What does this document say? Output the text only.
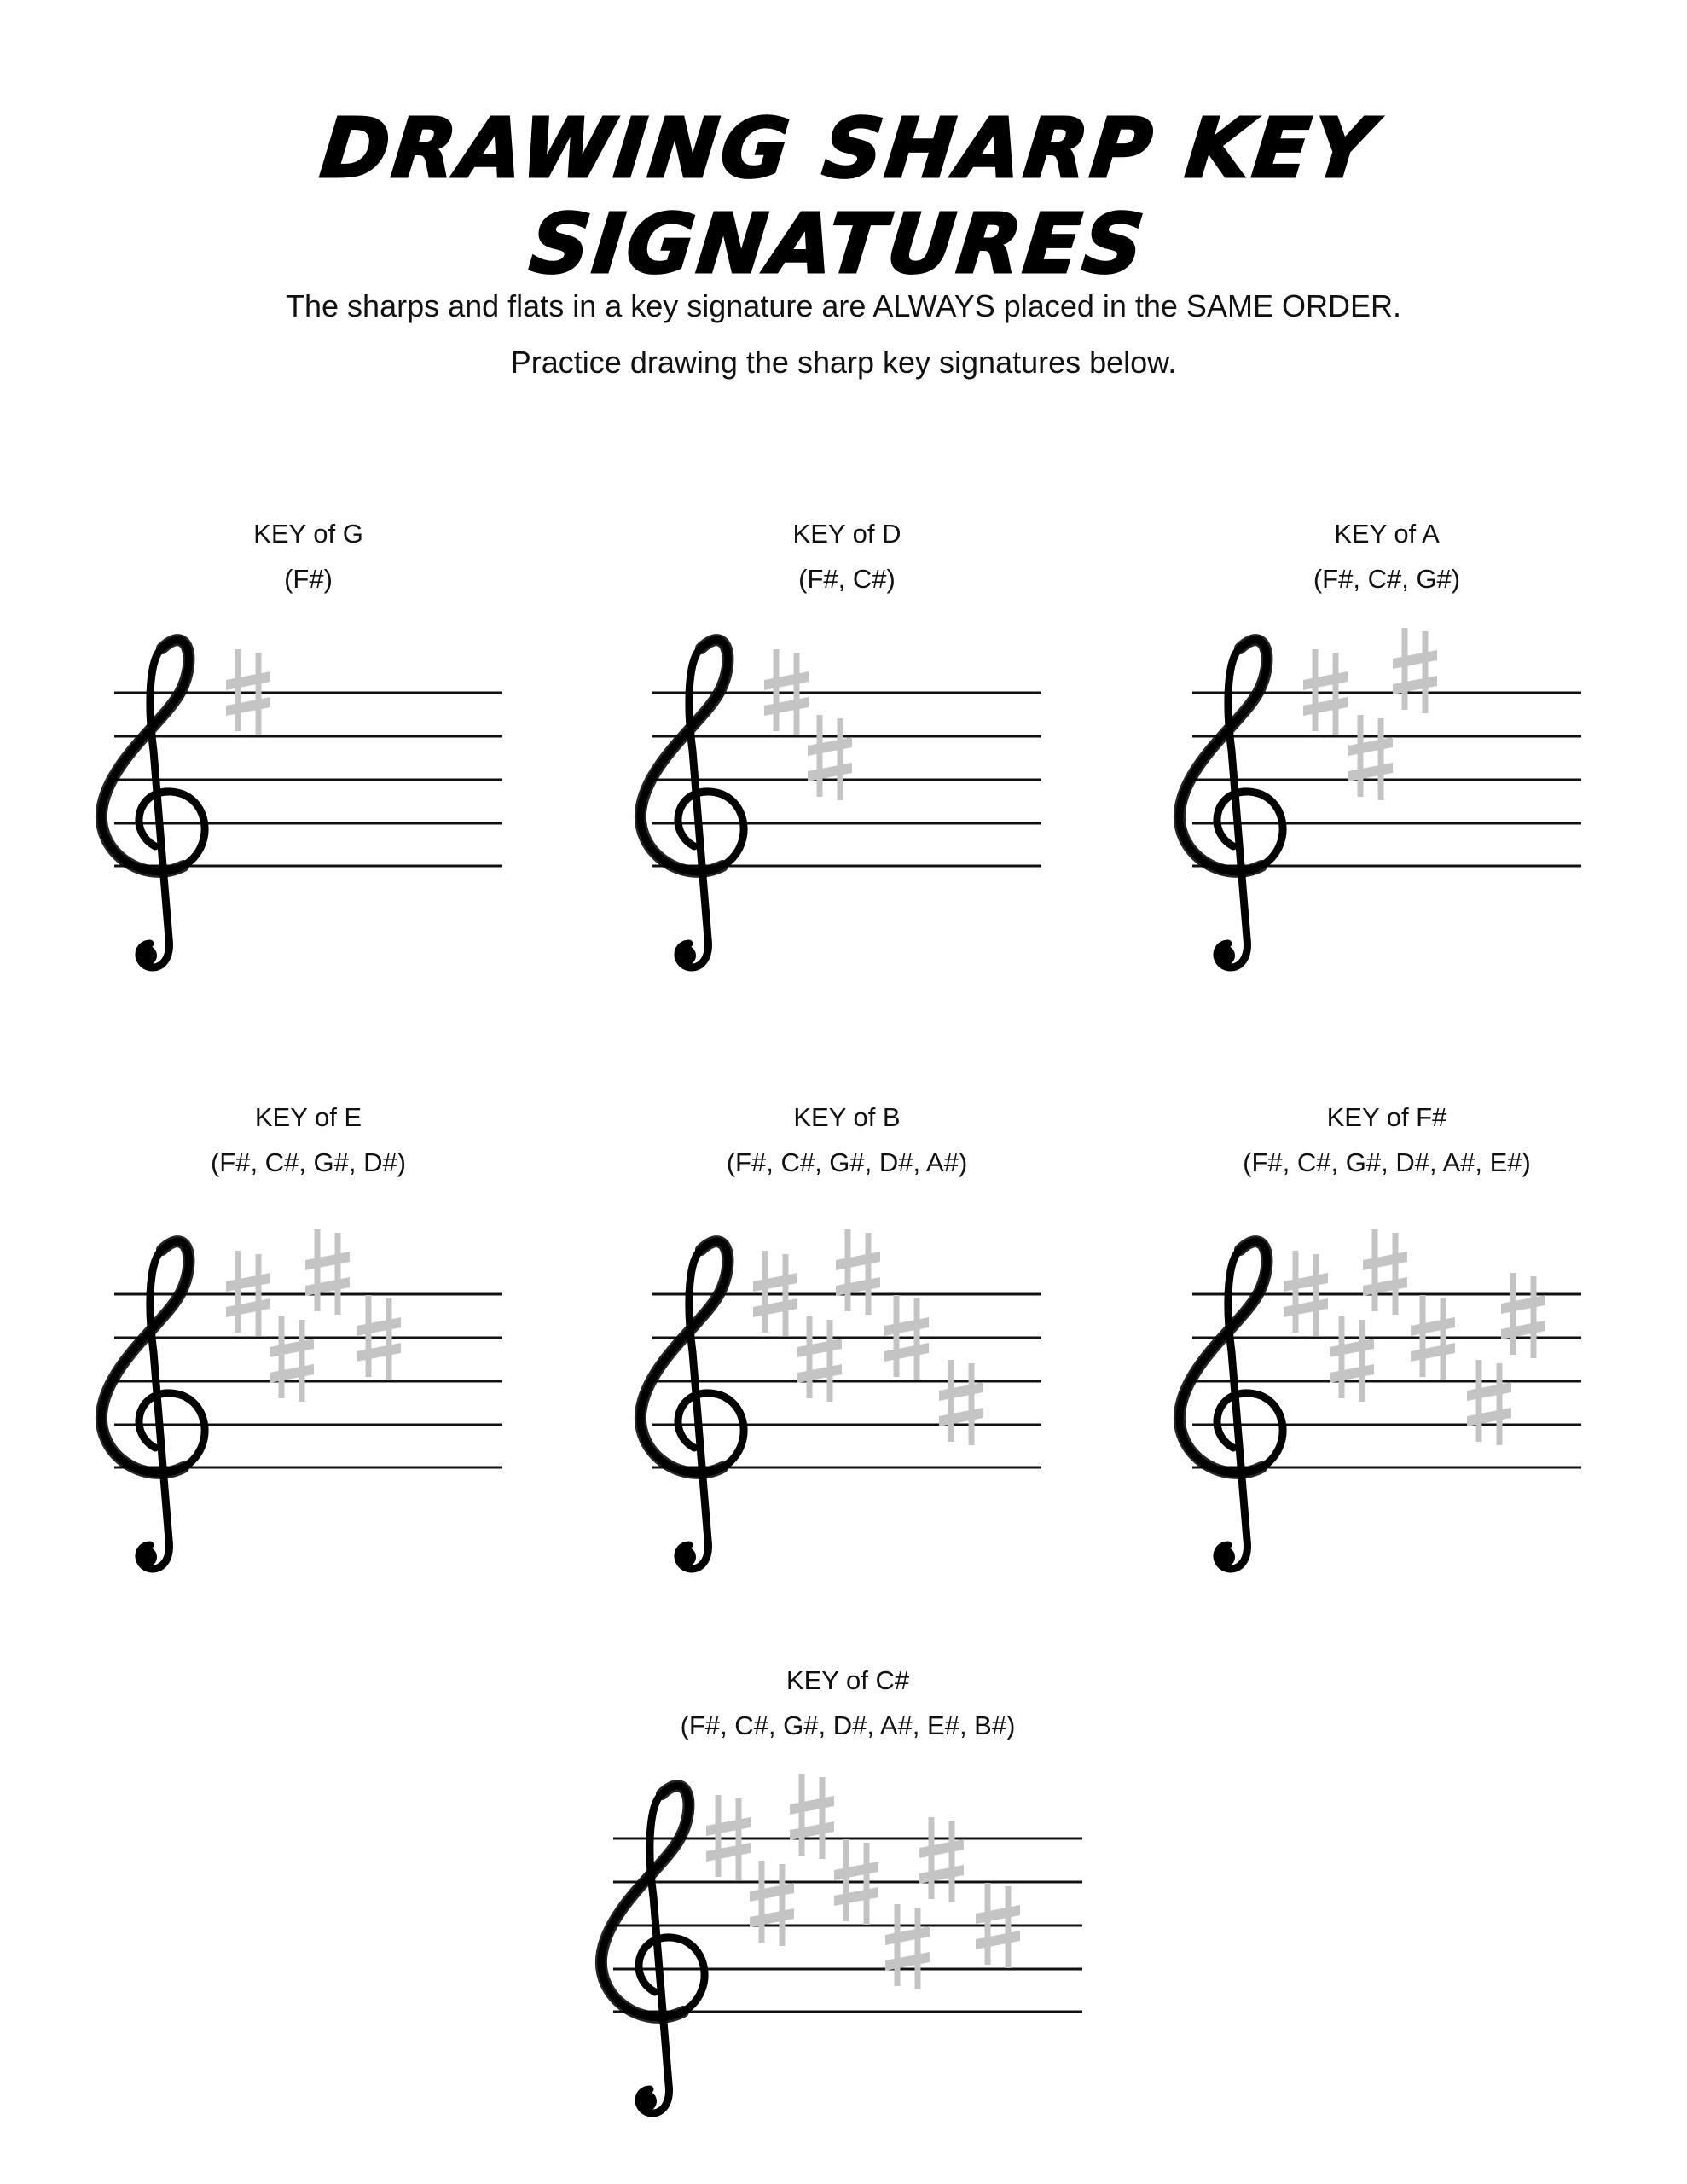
DRAWING SHARP KEY SIGNATURES
The sharps and flats in a key signature are ALWAYS placed in the SAME ORDER.
Practice drawing the sharp key signatures below.
KEY of G
(F#)
KEY of D
(F#, C#)
KEY of A
(F#, C#, G#)
KEY of E
(F#, C#, G#, D#)
KEY of B
(F#, C#, G#, D#, A#)
KEY of F#
(F#, C#, G#, D#, A#, E#)
KEY of C#
(F#, C#, G#, D#, A#, E#, B#)
